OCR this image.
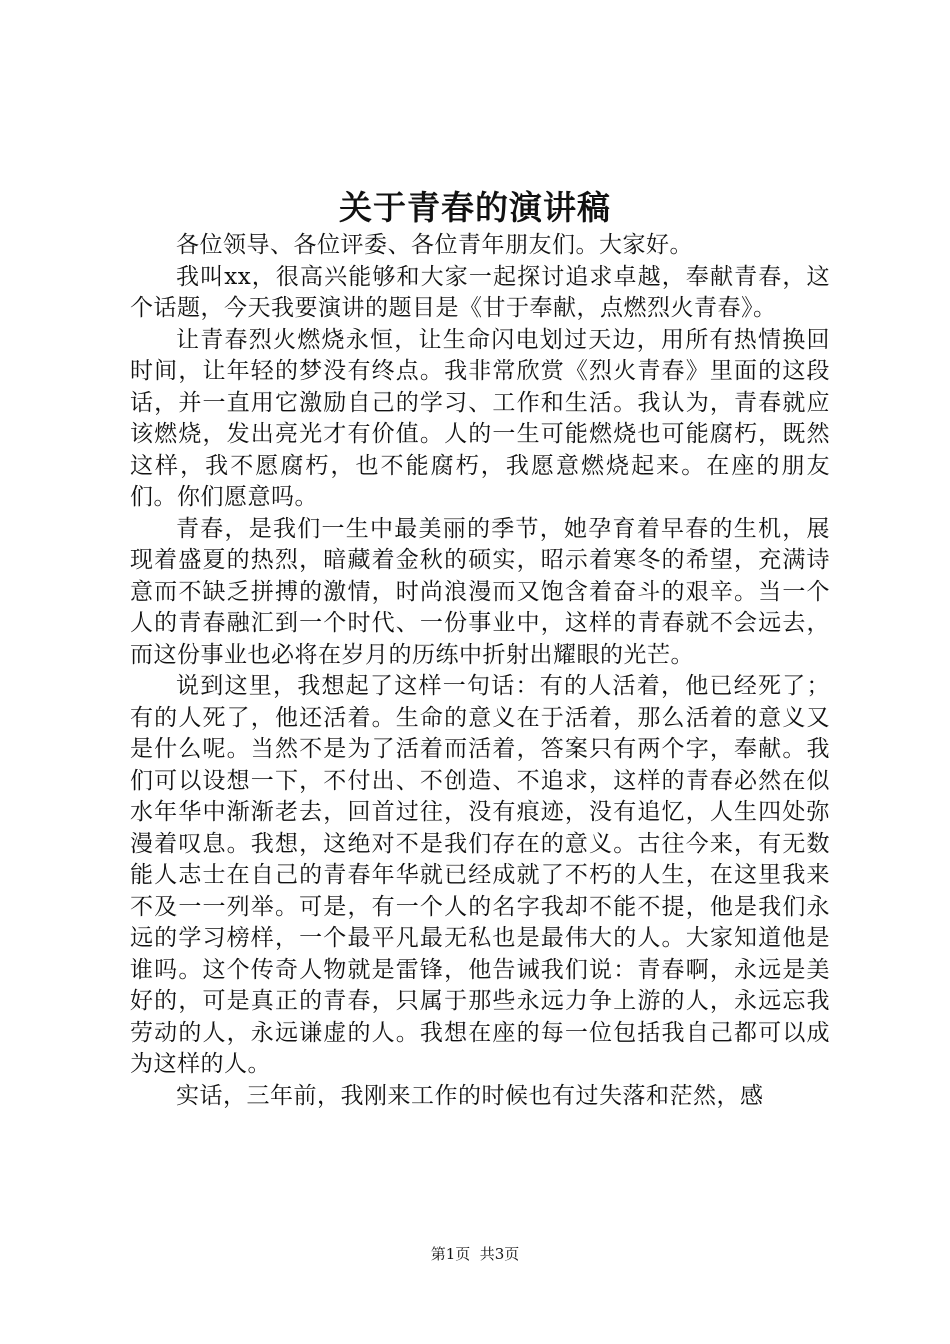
关于青春的演讲稿

各位领导、各位评委、各位青年朋友们。大家好。

我叫xx，很高兴能够和大家一起探讨追求卓越，奉献青春，这个话题，今天我要演讲的题目是《甘于奉献，点燃烈火青春》。

让青春烈火燃烧永恒，让生命闪电划过天边，用所有热情换回时间，让年轻的梦没有终点。我非常欣赏《烈火青春》里面的这段话，并一直用它激励自己的学习、工作和生活。我认为，青春就应该燃烧，发出亮光才有价值。人的一生可能燃烧也可能腐朽，既然这样，我不愿腐朽，也不能腐朽，我愿意燃烧起来。在座的朋友们。你们愿意吗。

青春，是我们一生中最美丽的季节，她孕育着早春的生机，展现着盛夏的热烈，暗藏着金秋的硕实，昭示着寒冬的希望，充满诗意而不缺乏拼搏的激情，时尚浪漫而又饱含着奋斗的艰辛。当一个人的青春融汇到一个时代、一份事业中，这样的青春就不会远去，而这份事业也必将在岁月的历练中折射出耀眼的光芒。

说到这里，我想起了这样一句话：有的人活着，他已经死了；有的人死了，他还活着。生命的意义在于活着，那么活着的意义又是什么呢。当然不是为了活着而活着，答案只有两个字，奉献。我们可以设想一下，不付出、不创造、不追求，这样的青春必然在似水年华中渐渐老去，回首过往，没有痕迹，没有追忆，人生四处弥漫着叹息。我想，这绝对不是我们存在的意义。古往今来，有无数能人志士在自己的青春年华就已经成就了不朽的人生，在这里我来不及一一列举。可是，有一个人的名字我却不能不提，他是我们永远的学习榜样，一个最平凡最无私也是最伟大的人。大家知道他是谁吗。这个传奇人物就是雷锋，他告诫我们说：青春啊，永远是美好的，可是真正的青春，只属于那些永远力争上游的人，永远忘我劳动的人，永远谦虚的人。我想在座的每一位包括我自己都可以成为这样的人。

实话，三年前，我刚来工作的时候也有过失落和茫然，感

第1页  共3页
